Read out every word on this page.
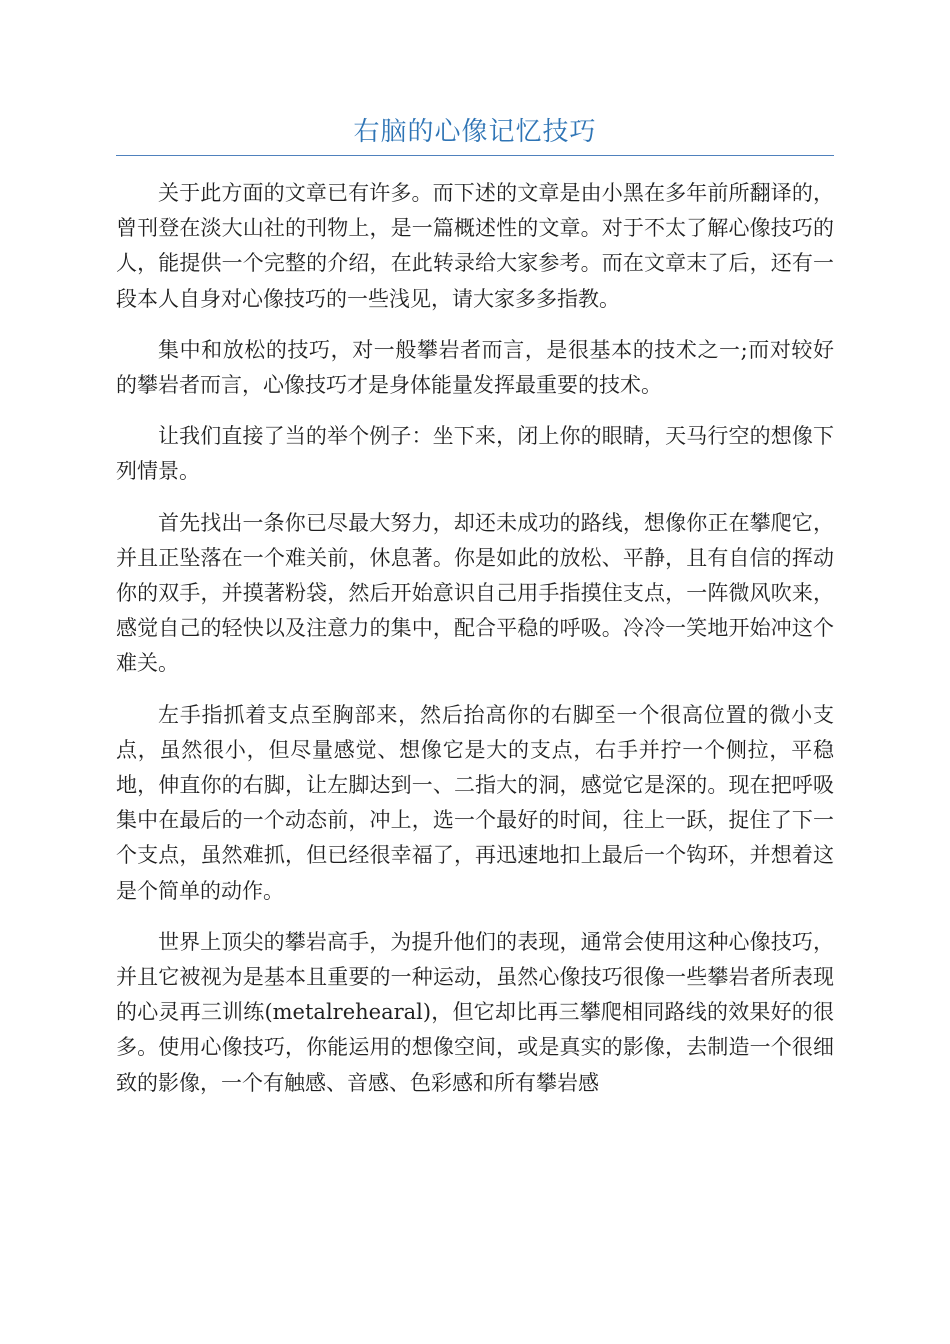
右脑的心像记忆技巧

关于此方面的文章已有许多。而下述的文章是由小黑在多年前所翻译的，曾刊登在淡大山社的刊物上，是一篇概述性的文章。对于不太了解心像技巧的人，能提供一个完整的介绍，在此转录给大家参考。而在文章末了后，还有一段本人自身对心像技巧的一些浅见，请大家多多指教。

集中和放松的技巧，对一般攀岩者而言，是很基本的技术之一;而对较好的攀岩者而言，心像技巧才是身体能量发挥最重要的技术。

让我们直接了当的举个例子：坐下来，闭上你的眼睛，天马行空的想像下列情景。

首先找出一条你已尽最大努力，却还未成功的路线，想像你正在攀爬它，并且正坠落在一个难关前，休息著。你是如此的放松、平静，且有自信的挥动你的双手，并摸著粉袋，然后开始意识自己用手指摸住支点，一阵微风吹来，感觉自己的轻快以及注意力的集中，配合平稳的呼吸。冷冷一笑地开始冲这个难关。

左手指抓着支点至胸部来，然后抬高你的右脚至一个很高位置的微小支点，虽然很小，但尽量感觉、想像它是大的支点，右手并拧一个侧拉，平稳地，伸直你的右脚，让左脚达到一、二指大的洞，感觉它是深的。现在把呼吸集中在最后的一个动态前，冲上，选一个最好的时间，往上一跃，捉住了下一个支点，虽然难抓，但已经很幸福了，再迅速地扣上最后一个钩环，并想着这是个简单的动作。

世界上顶尖的攀岩高手，为提升他们的表现，通常会使用这种心像技巧，并且它被视为是基本且重要的一种运动，虽然心像技巧很像一些攀岩者所表现的心灵再三训练(metalrehearal)，但它却比再三攀爬相同路线的效果好的很多。使用心像技巧，你能运用的想像空间，或是真实的影像，去制造一个很细致的影像，一个有触感、音感、色彩感和所有攀岩感
